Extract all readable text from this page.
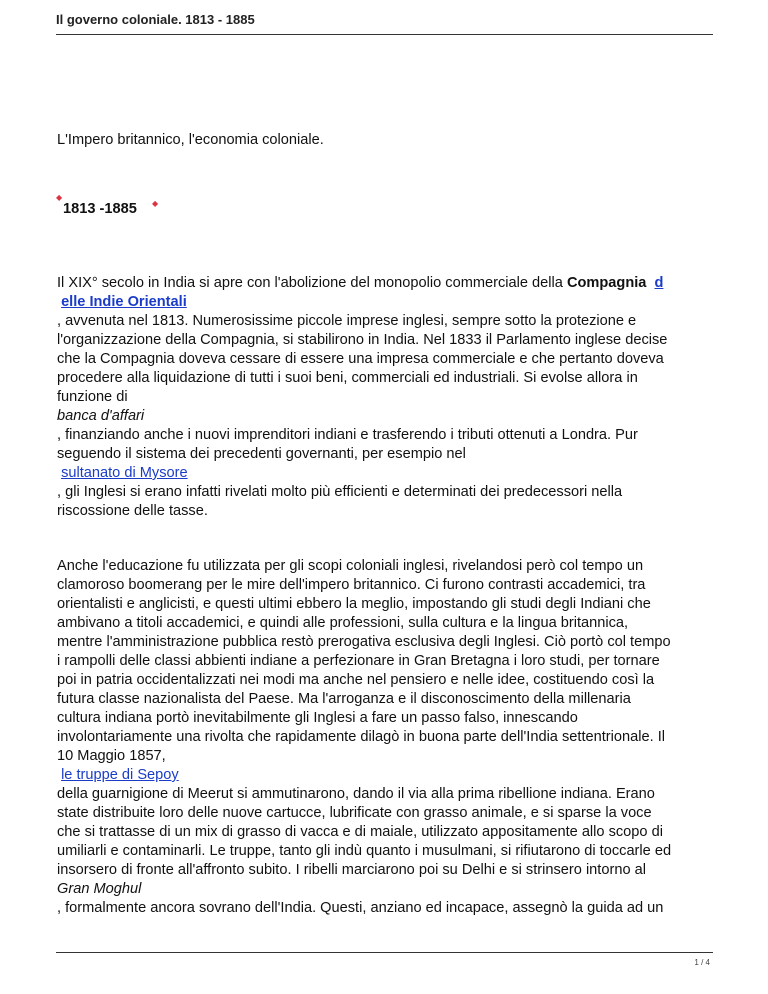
Il governo coloniale. 1813 - 1885
L'Impero britannico, l'economia coloniale.
◆
1813 -1885 ◆
Il XIX° secolo in India si apre con l'abolizione del monopolio commerciale della Compagnia d
elle Indie Orientali
, avvenuta nel 1813. Numerosissime piccole imprese inglesi, sempre sotto la protezione e
l'organizzazione della Compagnia, si stabilirono in India. Nel 1833 il Parlamento inglese decise
che la Compagnia doveva cessare di essere una impresa commerciale e che pertanto doveva
procedere alla liquidazione di tutti i suoi beni, commerciali ed industriali. Si evolse allora in
funzione di
banca d'affari
, finanziando anche i nuovi imprenditori indiani e trasferendo i tributi ottenuti a Londra. Pur
seguendo il sistema dei precedenti governanti, per esempio nel
sultanato di Mysore
, gli Inglesi si erano infatti rivelati molto più efficienti e determinati dei predecessori nella
riscossione delle tasse.
Anche l'educazione fu utilizzata per gli scopi coloniali inglesi, rivelandosi però col tempo un
clamoroso boomerang per le mire dell'impero britannico. Ci furono contrasti accademici, tra
orientalisti e anglicisti, e questi ultimi ebbero la meglio, impostando gli studi degli Indiani che
ambivano a titoli accademici, e quindi alle professioni, sulla cultura e la lingua britannica,
mentre l'amministrazione pubblica restò prerogativa esclusiva degli Inglesi. Ciò portò col tempo
i rampolli delle classi abbienti indiane a perfezionare in Gran Bretagna i loro studi, per tornare
poi in patria occidentalizzati nei modi ma anche nel pensiero e nelle idee, costituendo così la
futura classe nazionalista del Paese. Ma l'arroganza e il disconoscimento della millenaria
cultura indiana portò inevitabilmente gli Inglesi a fare un passo falso, innescando
involontariamente una rivolta che rapidamente dilagò in buona parte dell'India settentrionale. Il
10 Maggio 1857,
le truppe di Sepoy
della guarnigione di Meerut si ammutinarono, dando il via alla prima ribellione indiana. Erano
state distribuite loro delle nuove cartucce, lubrificate con grasso animale, e si sparse la voce
che si trattasse di un mix di grasso di vacca e di maiale, utilizzato appositamente allo scopo di
umiliarli e contaminarli. Le truppe, tanto gli indù quanto i musulmani, si rifiutarono di toccarle ed
insorsero di fronte all'affronto subito. I ribelli marciarono poi su Delhi e si strinsero intorno al
Gran Moghul
, formalmente ancora sovrano dell'India. Questi, anziano ed incapace, assegnò la guida ad un
1 / 4
